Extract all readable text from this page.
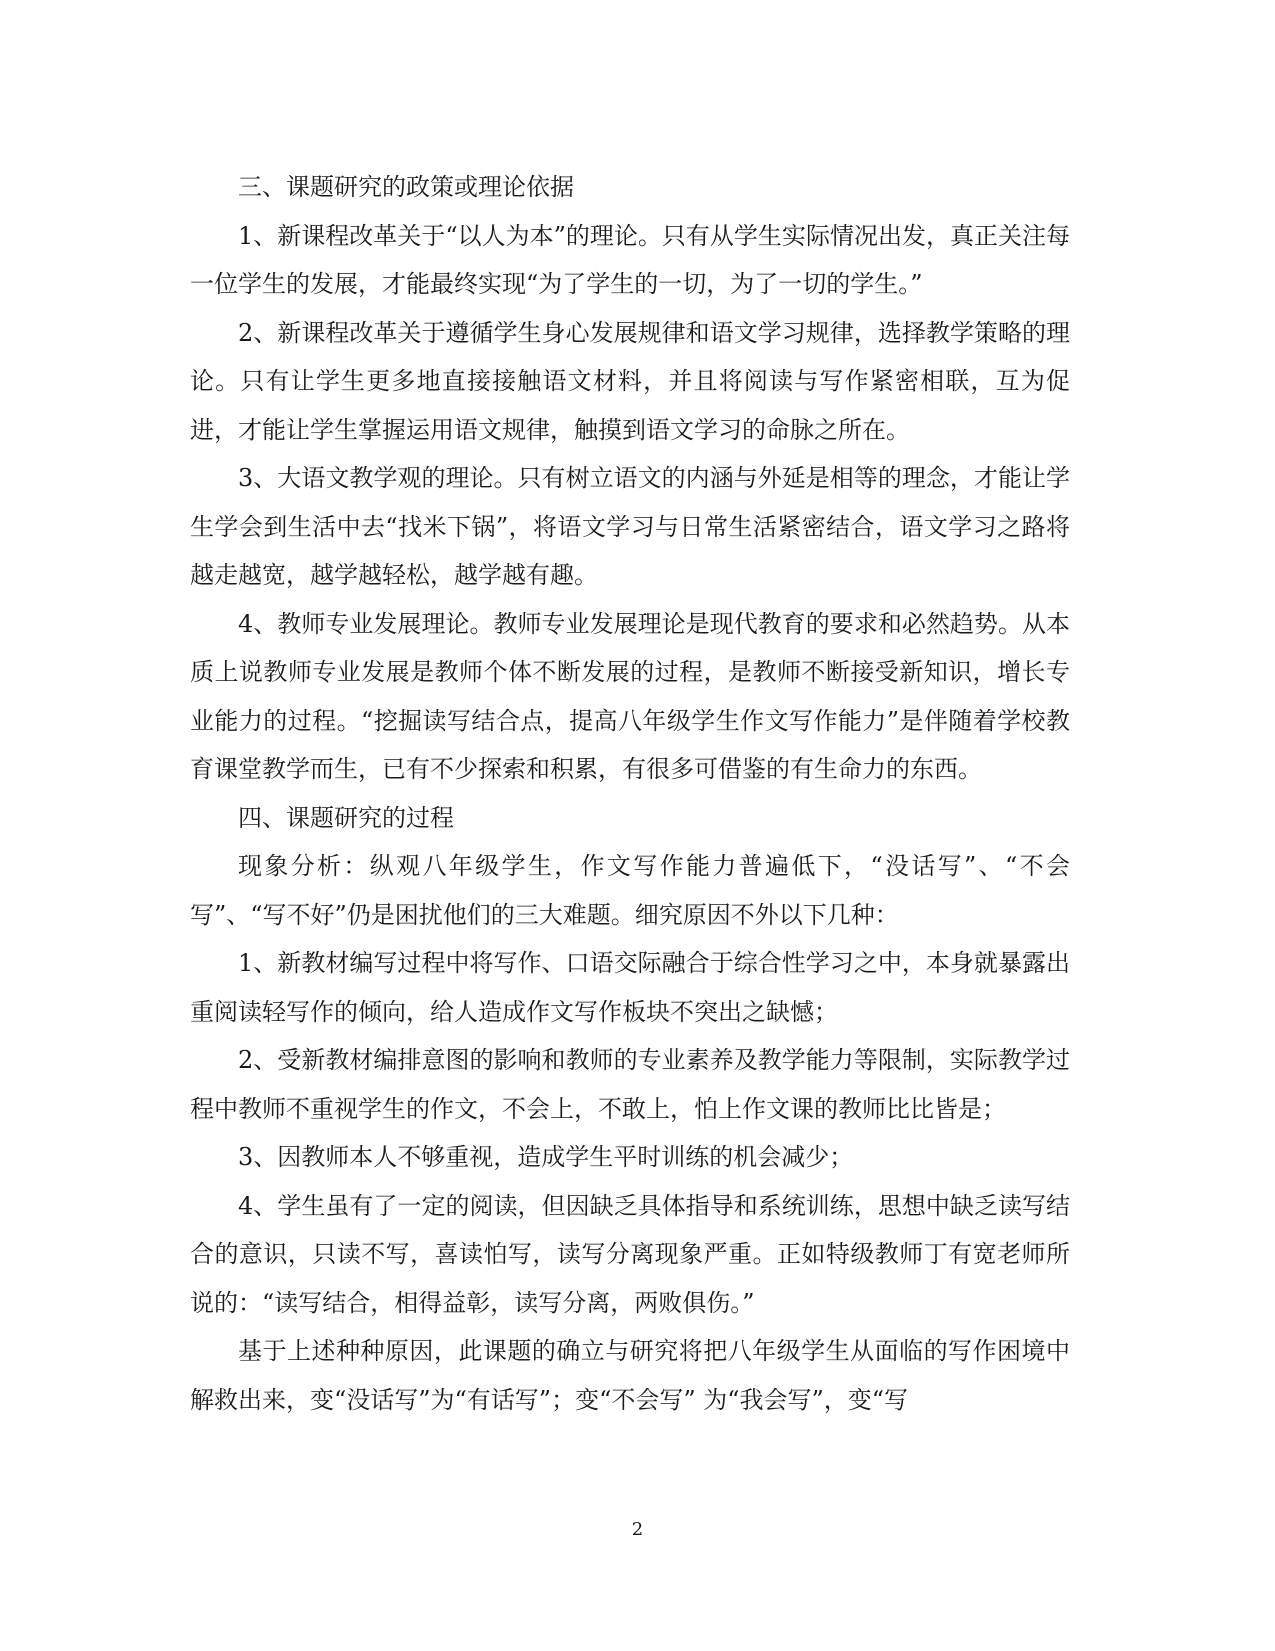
三、课题研究的政策或理论依据

1、新课程改革关于“以人为本”的理论。只有从学生实际情况出发，真正关注每一位学生的发展，才能最终实现“为了学生的一切，为了一切的学生。”

2、新课程改革关于遵循学生身心发展规律和语文学习规律，选择教学策略的理论。只有让学生更多地直接接触语文材料，并且将阅读与写作紧密相联，互为促进，才能让学生掌握运用语文规律，触摸到语文学习的命脉之所在。

3、大语文教学观的理论。只有树立语文的内涵与外延是相等的理念，才能让学生学会到生活中去“找米下锅”，将语文学习与日常生活紧密结合，语文学习之路将越走越宽，越学越轻松，越学越有趣。

4、教师专业发展理论。教师专业发展理论是现代教育的要求和必然趋势。从本质上说教师专业发展是教师个体不断发展的过程，是教师不断接受新知识，增长专业能力的过程。“挖掘读写结合点，提高八年级学生作文写作能力”是伴随着学校教育课堂教学而生，已有不少探索和积累，有很多可借鉴的有生命力的东西。

四、课题研究的过程

现象分析：纵观八年级学生，作文写作能力普遍低下，“没话写”、“不会写”、“写不好”仍是困扰他们的三大难题。细究原因不外以下几种：

1、新教材编写过程中将写作、口语交际融合于综合性学习之中，本身就暴露出重阅读轻写作的倾向，给人造成作文写作板块不突出之缺憾；

2、受新教材编排意图的影响和教师的专业素养及教学能力等限制，实际教学过程中教师不重视学生的作文，不会上，不敢上，怕上作文课的教师比比皆是；

3、因教师本人不够重视，造成学生平时训练的机会减少；

4、学生虽有了一定的阅读，但因缺乏具体指导和系统训练，思想中缺乏读写结合的意识，只读不写，喜读怕写，读写分离现象严重。正如特级教师丁有宽老师所说的：“读写结合，相得益彰，读写分离，两败俱伤。”

基于上述种种原因，此课题的确立与研究将把八年级学生从面临的写作困境中解救出来，变“没话写”为“有话写”；变“不会写” 为“我会写”，变“写

2
